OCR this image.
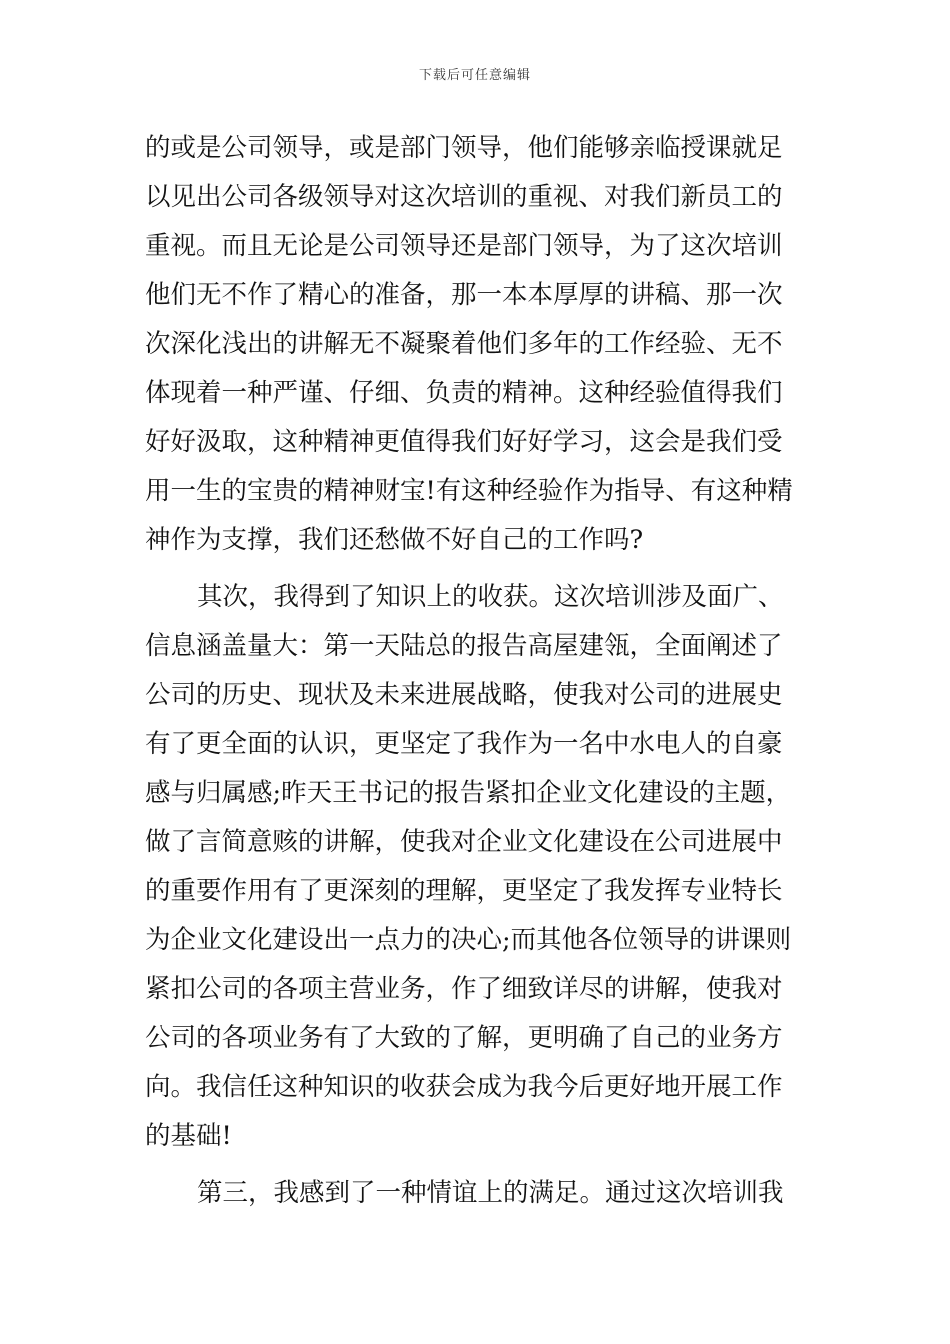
下载后可任意编辑
的或是公司领导，或是部门领导，他们能够亲临授课就足
以见出公司各级领导对这次培训的重视、对我们新员工的
重视。而且无论是公司领导还是部门领导，为了这次培训
他们无不作了精心的准备，那一本本厚厚的讲稿、那一次
次深化浅出的讲解无不凝聚着他们多年的工作经验、无不
体现着一种严谨、仔细、负责的精神。这种经验值得我们
好好汲取，这种精神更值得我们好好学习，这会是我们受
用一生的宝贵的精神财宝!有这种经验作为指导、有这种精
神作为支撑，我们还愁做不好自己的工作吗?
其次，我得到了知识上的收获。这次培训涉及面广、
信息涵盖量大：第一天陆总的报告高屋建瓴，全面阐述了
公司的历史、现状及未来进展战略，使我对公司的进展史
有了更全面的认识，更坚定了我作为一名中水电人的自豪
感与归属感;昨天王书记的报告紧扣企业文化建设的主题，
做了言简意赅的讲解，使我对企业文化建设在公司进展中
的重要作用有了更深刻的理解，更坚定了我发挥专业特长
为企业文化建设出一点力的决心;而其他各位领导的讲课则
紧扣公司的各项主营业务，作了细致详尽的讲解，使我对
公司的各项业务有了大致的了解，更明确了自己的业务方
向。我信任这种知识的收获会成为我今后更好地开展工作
的基础!
第三，我感到了一种情谊上的满足。通过这次培训我
